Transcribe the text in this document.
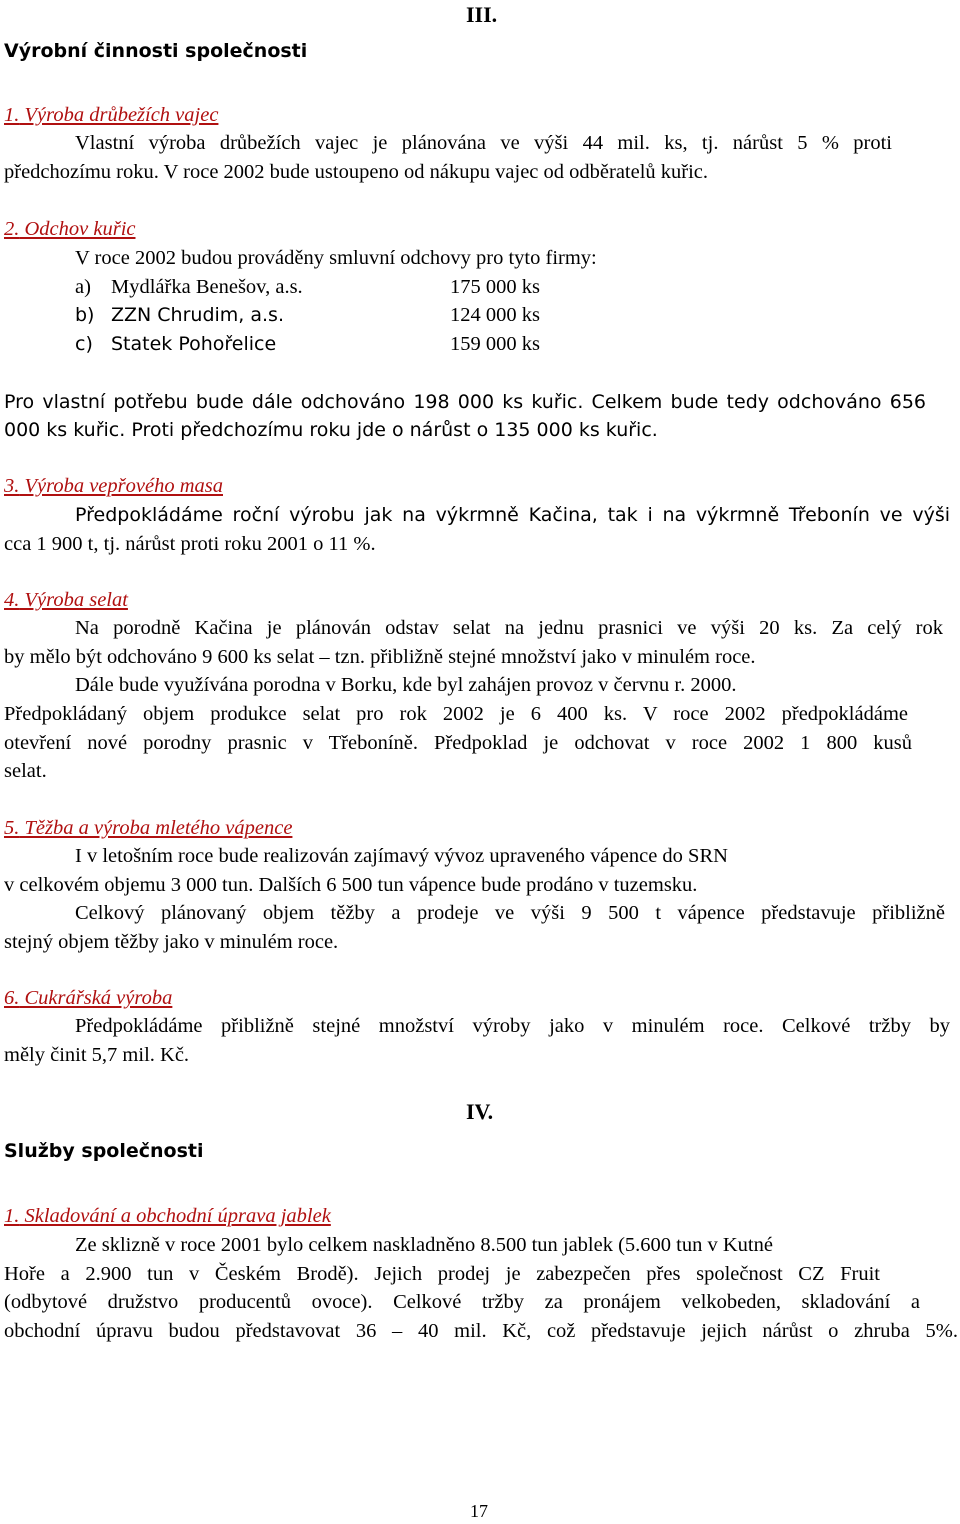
III.
Výrobní činnosti společnosti
1. Výroba drůbežích vajec
Vlastní výroba drůbežích vajec je plánována ve výši 44 mil. ks, tj. nárůst 5 % proti
předchozímu roku. V roce 2002 bude ustoupeno od nákupu vajec od odběratelů kuřic.
2. Odchov kuřic
V roce 2002 budou prováděny smluvní odchovy pro tyto firmy:
a) Mydlářka Benešov, a.s.	175 000 ks
b) ZZN Chrudim, a.s.	124 000 ks
c) Statek Pohořelice	159 000 ks
Pro vlastní potřebu bude dále odchováno 198 000 ks kuřic. Celkem bude tedy odchováno 656
000 ks kuřic. Proti předchozímu roku jde o nárůst o 135 000 ks kuřic.
3. Výroba vepřového masa
Předpokládáme roční výrobu jak na výkrmně Kačina, tak i na výkrmně Třebonín ve výši
cca 1 900 t, tj. nárůst proti roku 2001 o 11 %.
4. Výroba selat
Na porodně Kačina je plánován odstav selat na jednu prasnici ve výši 20 ks. Za celý rok
by mělo být odchováno 9 600 ks selat – tzn. přibližně stejné množství jako v minulém roce.
Dále bude využívána porodna v Borku, kde byl zahájen provoz v červnu r. 2000.
Předpokládaný objem produkce selat pro rok 2002 je 6 400 ks. V roce 2002 předpokládáme
otevření nové porodny prasnic v Třeboníně. Předpoklad je odchovat v roce 2002 1 800 kusů
selat.
5. Těžba a výroba mletého vápence
I v letošním roce bude realizován zajímavý vývoz upraveného vápence do SRN
v celkovém objemu 3 000 tun. Dalších 6 500 tun vápence bude prodáno v tuzemsku.
Celkový plánovaný objem těžby a prodeje ve výši 9 500 t vápence představuje přibližně
stejný objem těžby jako v minulém roce.
6. Cukrářská výroba
Předpokládáme přibližně stejné množství výroby jako v minulém roce. Celkové tržby by
měly činit 5,7 mil. Kč.
IV.
Služby společnosti
1. Skladování a obchodní úprava jablek
Ze sklizně v roce 2001 bylo celkem naskladněno 8.500 tun jablek (5.600 tun v Kutné
Hoře a 2.900 tun v Českém Brodě). Jejich prodej je zabezpečen přes společnost CZ Fruit
(odbytové družstvo producentů ovoce). Celkové tržby za pronájem velkobeden, skladování a
obchodní úpravu budou představovat 36 – 40 mil. Kč, což představuje jejich nárůst o zhruba 5%.
17
